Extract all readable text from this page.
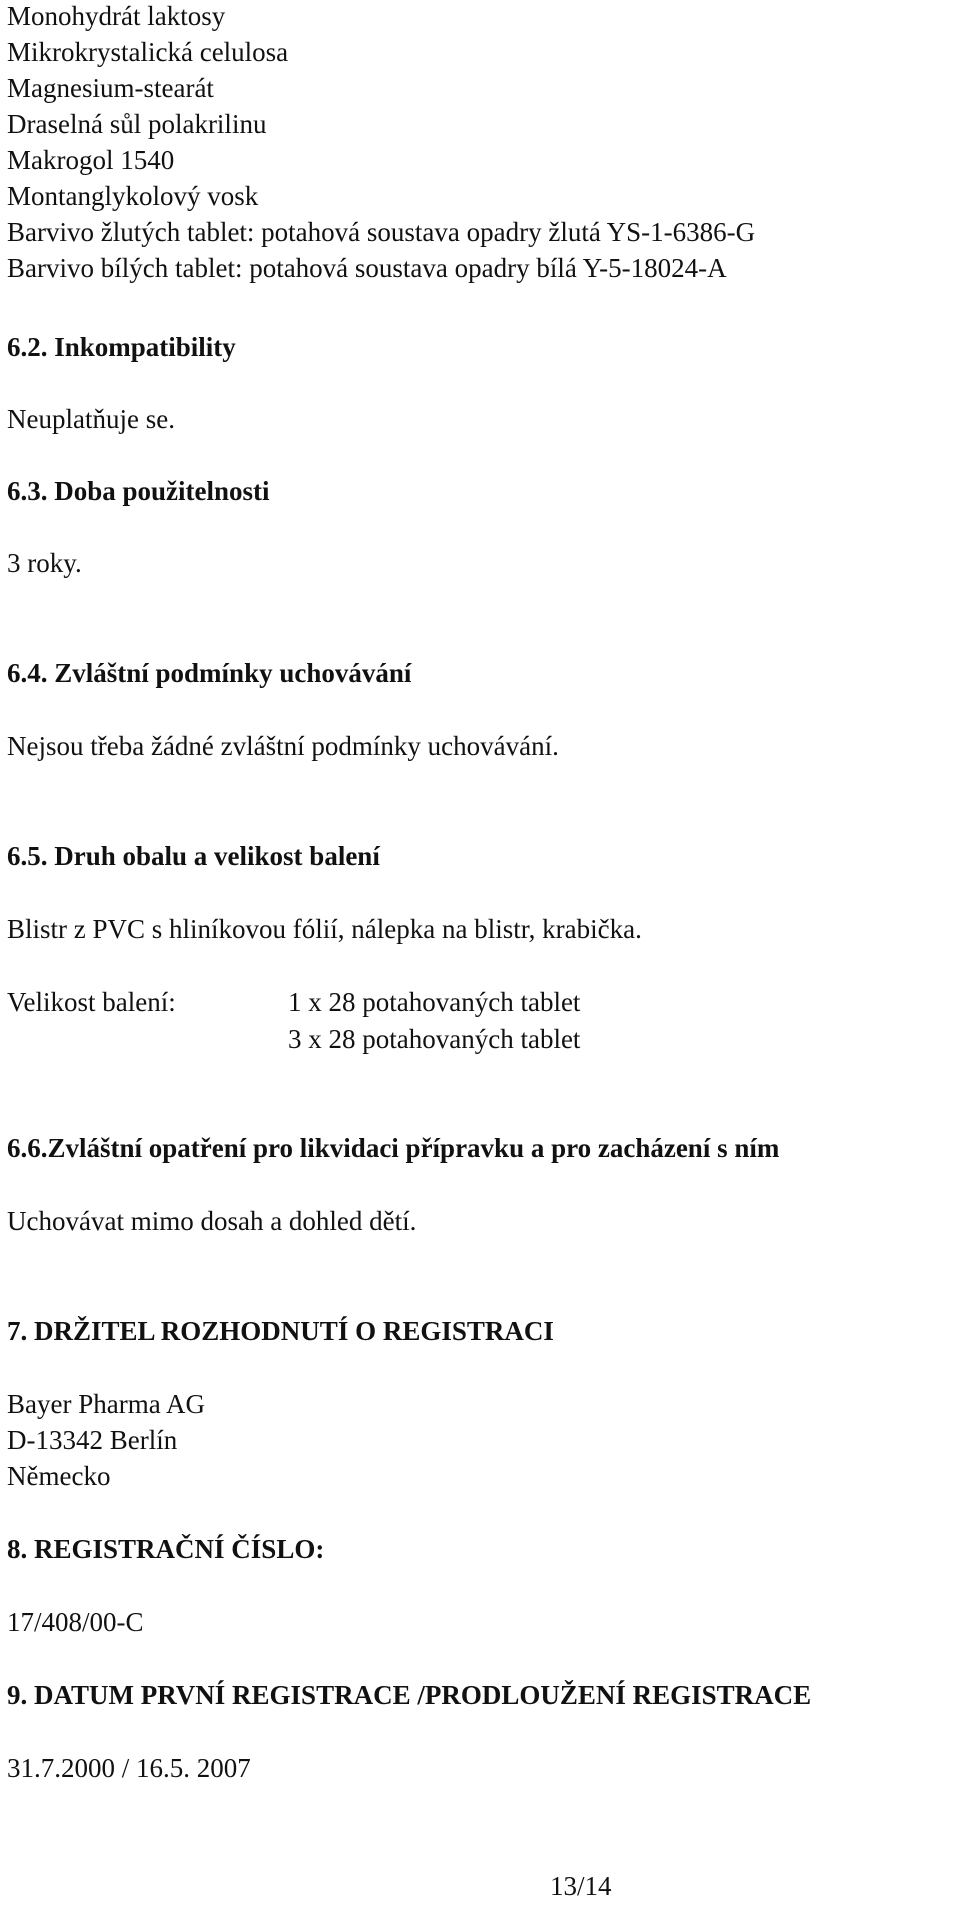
Monohydrát laktosy
Mikrokrystalická celulosa
Magnesium-stearát
Draselná sůl polakrilinu
Makrogol 1540
Montanglykolový vosk
Barvivo žlutých tablet: potahová soustava opadry žlutá YS-1-6386-G
Barvivo bílých tablet: potahová soustava opadry bílá Y-5-18024-A
6.2. Inkompatibility
Neuplatňuje se.
6.3. Doba použitelnosti
3 roky.
6.4. Zvláštní podmínky uchovávání
Nejsou třeba žádné zvláštní podmínky uchovávání.
6.5. Druh obalu a velikost balení
Blistr z PVC s hliníkovou fólií, nálepka na blistr, krabička.
Velikost balení:	1 x 28 potahovaných tablet
3 x 28 potahovaných tablet
6.6.Zvláštní opatření pro likvidaci přípravku a pro zacházení s ním
Uchovávat mimo dosah a dohled dětí.
7. DRŽITEL ROZHODNUTÍ O REGISTRACI
Bayer Pharma AG
D-13342 Berlín
Německo
8. REGISTRAČNÍ ČÍSLO:
17/408/00-C
9. DATUM PRVNÍ REGISTRACE /PRODLOUŽENÍ REGISTRACE
31.7.2000 / 16.5. 2007
13/14
